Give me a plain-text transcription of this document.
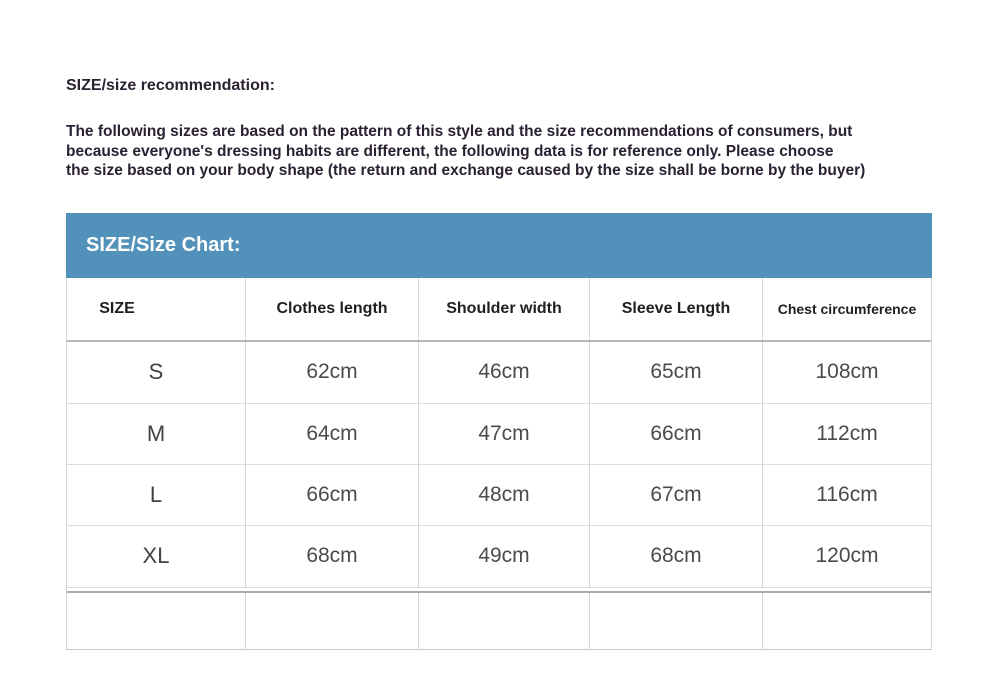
SIZE/size recommendation:
The following sizes are based on the pattern of this style and the size recommendations of consumers, but
because everyone's dressing habits are different, the following data is for reference only. Please choose
the size based on your body shape (the return and exchange caused by the size shall be borne by the buyer)
SIZE/Size Chart:
SIZE	Clothes length	Shoulder width	Sleeve Length	Chest circumference
S	62cm	46cm	65cm	108cm
M	64cm	47cm	66cm	112cm
L	66cm	48cm	67cm	116cm
XL	68cm	49cm	68cm	120cm
